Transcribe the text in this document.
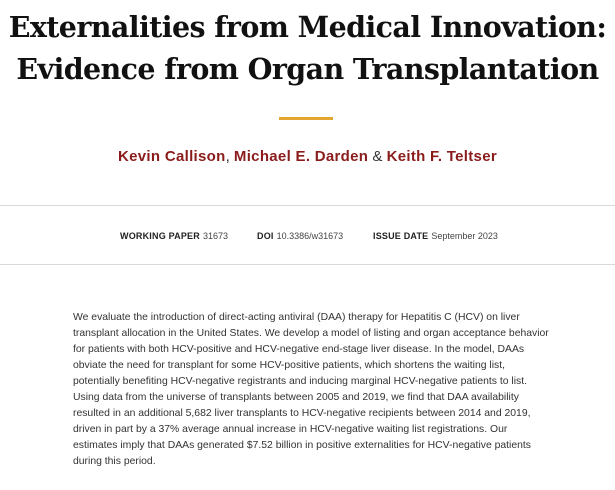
Externalities from Medical Innovation:
Evidence from Organ Transplantation
Kevin Callison, Michael E. Darden & Keith F. Teltser
WORKING PAPER 31673	DOI 10.3386/w31673	ISSUE DATE September 2023

We evaluate the introduction of direct-acting antiviral (DAA) therapy for Hepatitis C (HCV) on liver transplant allocation in the United States. We develop a model of listing and organ acceptance behavior for patients with both HCV-positive and HCV-negative end-stage liver disease. In the model, DAAs obviate the need for transplant for some HCV-positive patients, which shortens the waiting list, potentially benefiting HCV-negative registrants and inducing marginal HCV-negative patients to list. Using data from the universe of transplants between 2005 and 2019, we find that DAA availability resulted in an additional 5,682 liver transplants to HCV-negative recipients between 2014 and 2019, driven in part by a 37% average annual increase in HCV-negative waiting list registrations. Our estimates imply that DAAs generated $7.52 billion in positive externalities for HCV-negative patients during this period.
